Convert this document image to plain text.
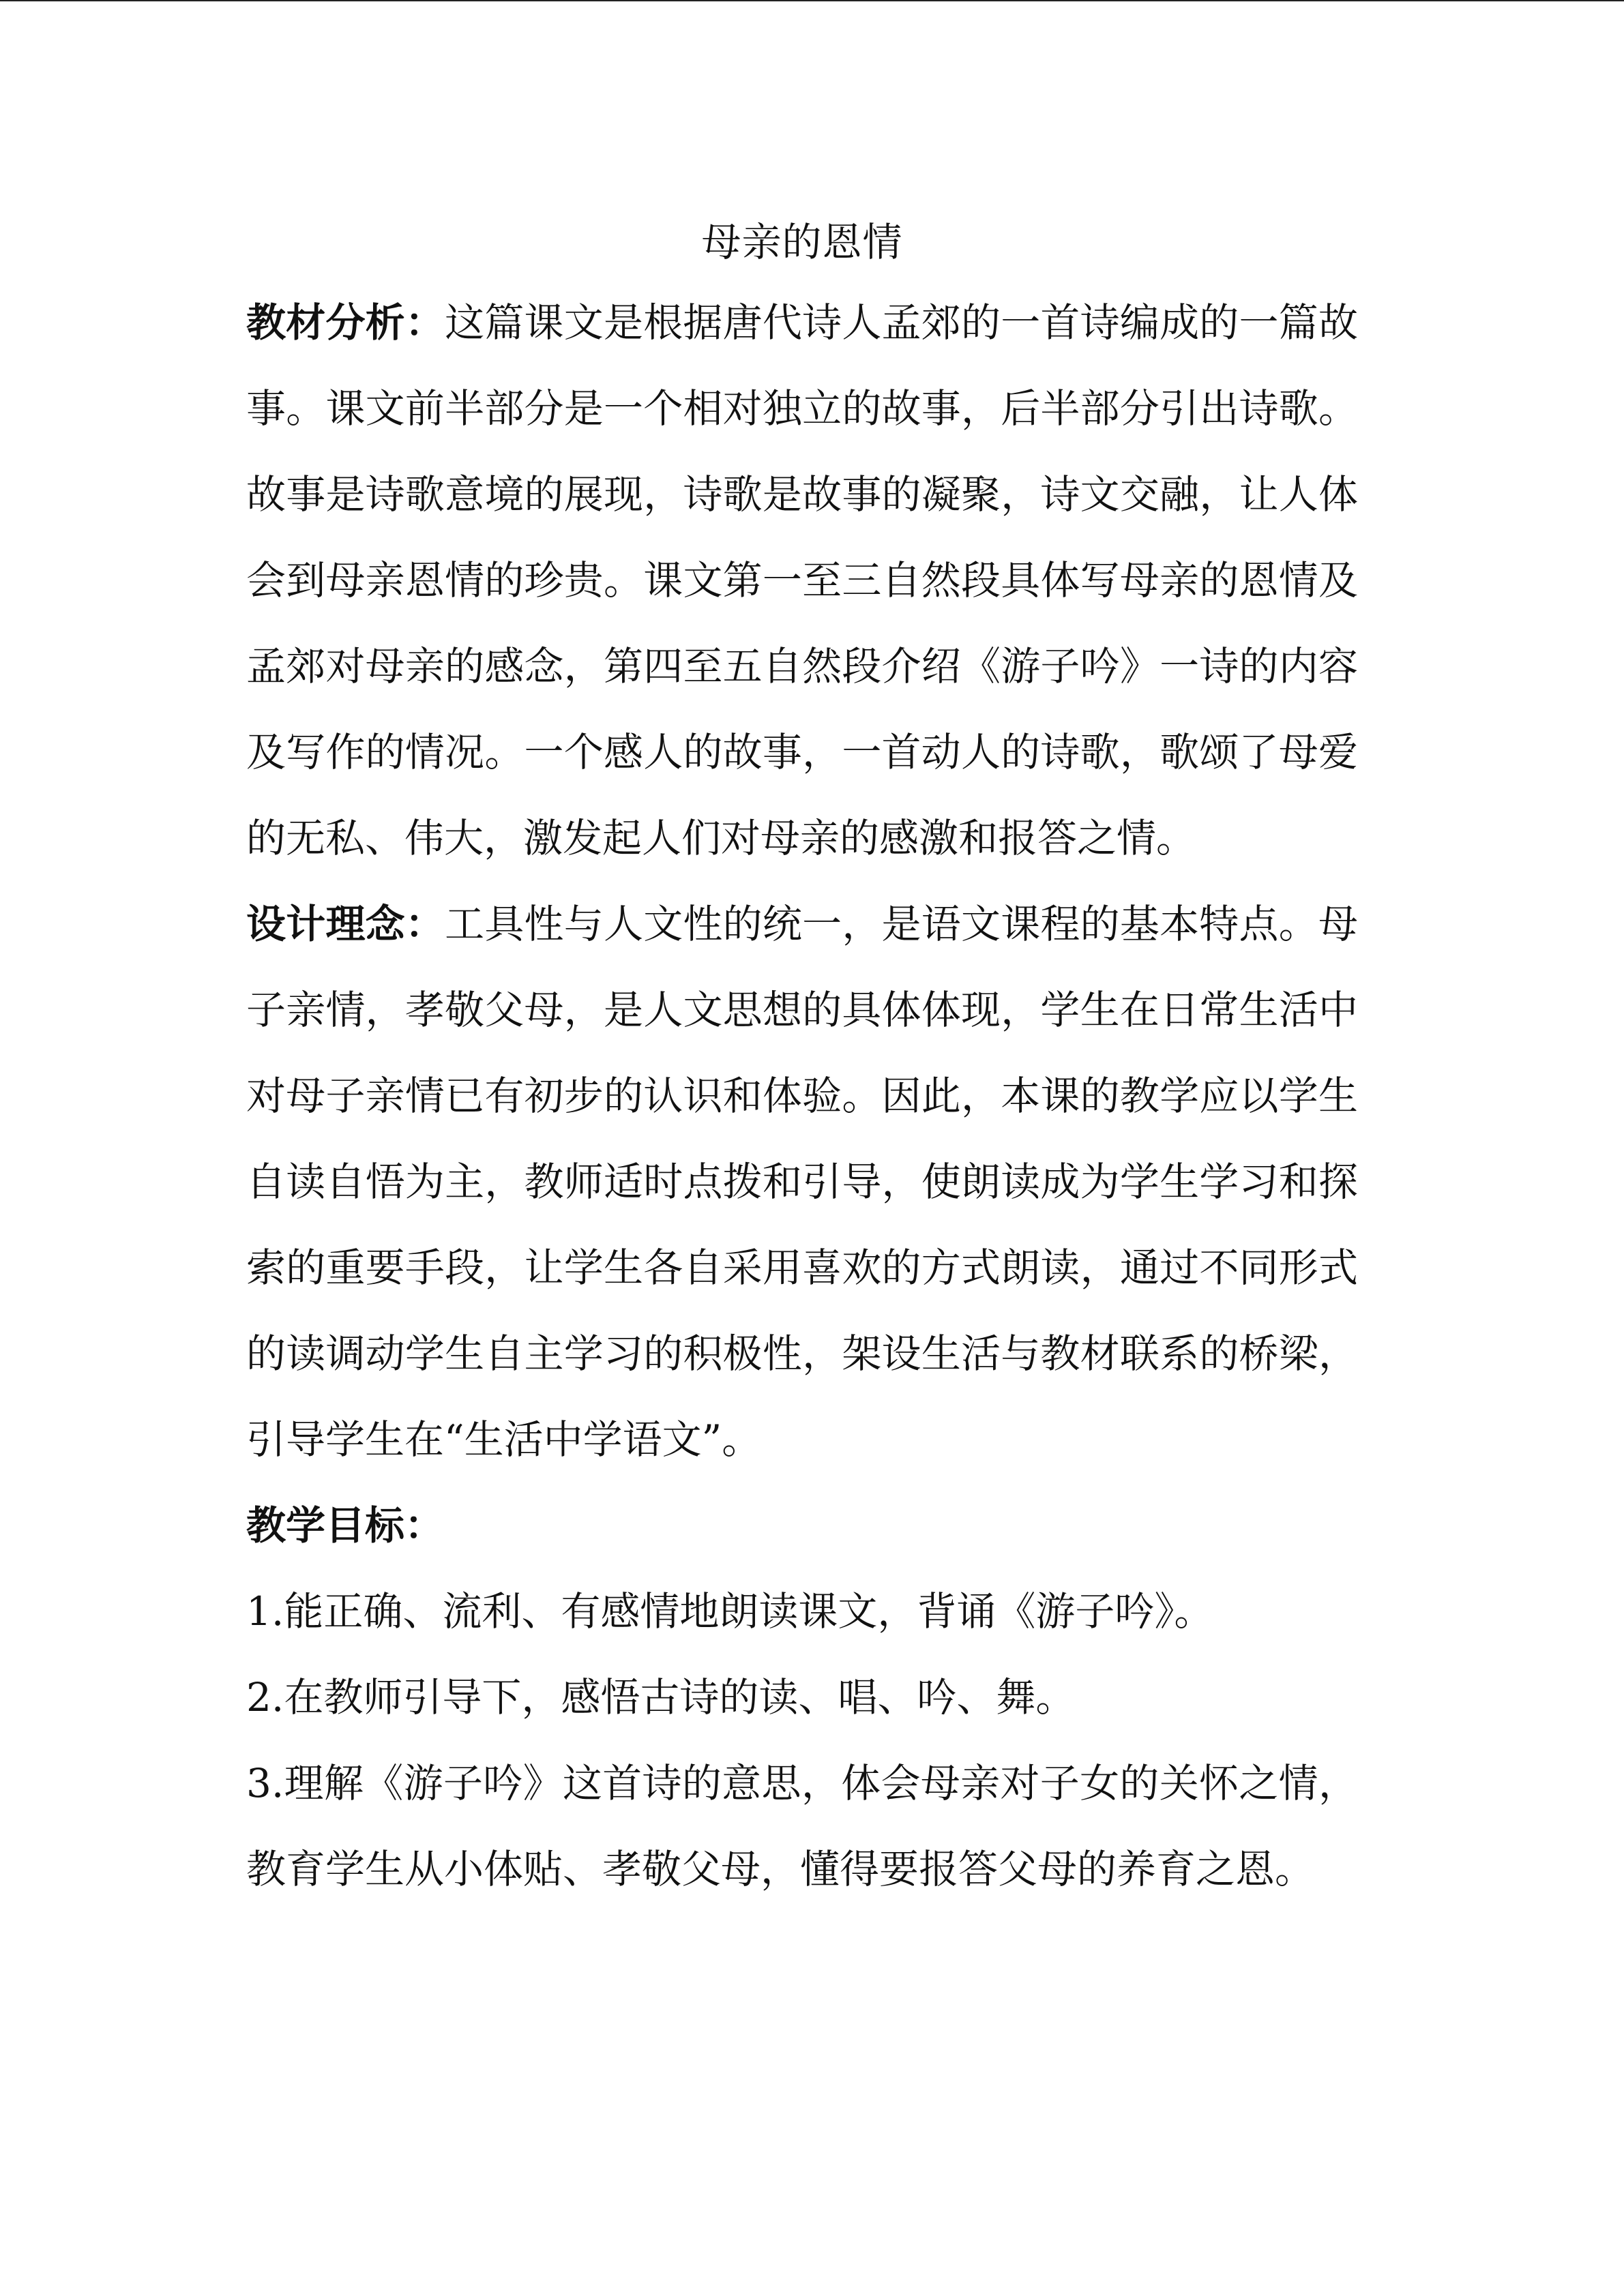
母亲的恩情

教材分析：这篇课文是根据唐代诗人孟郊的一首诗编成的一篇故事。课文前半部分是一个相对独立的故事，后半部分引出诗歌。故事是诗歌意境的展现，诗歌是故事的凝聚，诗文交融，让人体会到母亲恩情的珍贵。课文第一至三自然段具体写母亲的恩情及孟郊对母亲的感念，第四至五自然段介绍《游子吟》一诗的内容及写作的情况。一个感人的故事，一首动人的诗歌，歌颂了母爱的无私、伟大，激发起人们对母亲的感激和报答之情。

设计理念：工具性与人文性的统一，是语文课程的基本特点。母子亲情，孝敬父母，是人文思想的具体体现，学生在日常生活中对母子亲情已有初步的认识和体验。因此，本课的教学应以学生自读自悟为主，教师适时点拨和引导，使朗读成为学生学习和探索的重要手段，让学生各自采用喜欢的方式朗读，通过不同形式的读调动学生自主学习的积极性，架设生活与教材联系的桥梁，引导学生在“生活中学语文”。

教学目标：

1.能正确、流利、有感情地朗读课文，背诵《游子吟》。

2.在教师引导下，感悟古诗的读、唱、吟、舞。

3.理解《游子吟》这首诗的意思，体会母亲对子女的关怀之情，教育学生从小体贴、孝敬父母，懂得要报答父母的养育之恩。
